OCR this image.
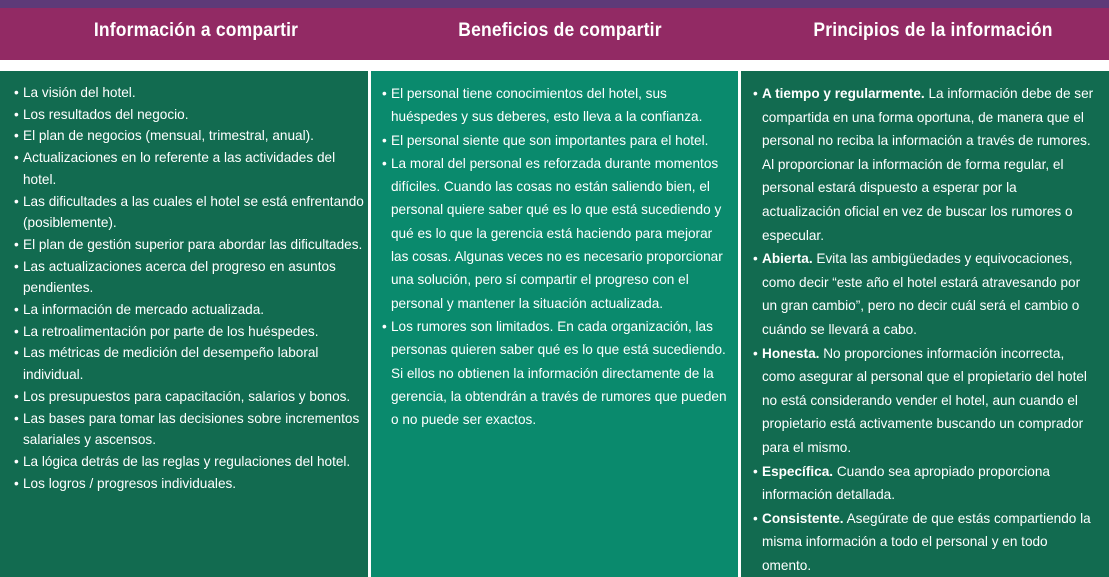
Información a compartir	Beneficios de compartir	Principios de la información
• La visión del hotel.
• Los resultados del negocio.
• El plan de negocios (mensual, trimestral, anual).
• Actualizaciones en lo referente a las actividades del hotel.
• Las dificultades a las cuales el hotel se está enfrentando (posiblemente).
• El plan de gestión superior para abordar las dificultades.
• Las actualizaciones acerca del progreso en asuntos pendientes.
• La información de mercado actualizada.
• La retroalimentación por parte de los huéspedes.
• Las métricas de medición del desempeño laboral individual.
• Los presupuestos para capacitación, salarios y bonos.
• Las bases para tomar las decisiones sobre incrementos salariales y ascensos.
• La lógica detrás de las reglas y regulaciones del hotel.
• Los logros / progresos individuales.
• El personal tiene conocimientos del hotel, sus huéspedes y sus deberes, esto lleva a la confianza.
• El personal siente que son importantes para el hotel.
• La moral del personal es reforzada durante momentos difíciles. Cuando las cosas no están saliendo bien, el personal quiere saber qué es lo que está sucediendo y qué es lo que la gerencia está haciendo para mejorar las cosas. Algunas veces no es necesario proporcionar una solución, pero sí compartir el progreso con el personal y mantener la situación actualizada.
• Los rumores son limitados. En cada organización, las personas quieren saber qué es lo que está sucediendo. Si ellos no obtienen la información directamente de la gerencia, la obtendrán a través de rumores que pueden o no puede ser exactos.
• A tiempo y regularmente. La información debe de ser compartida en una forma oportuna, de manera que el personal no reciba la información a través de rumores. Al proporcionar la información de forma regular, el personal estará dispuesto a esperar por la actualización oficial en vez de buscar los rumores o especular.
• Abierta. Evita las ambigüedades y equivocaciones, como decir “este año el hotel estará atravesando por un gran cambio”, pero no decir cuál será el cambio o cuándo se llevará a cabo.
• Honesta. No proporciones información incorrecta, como asegurar al personal que el propietario del hotel no está considerando vender el hotel, aun cuando el propietario está activamente buscando un comprador para el mismo.
• Específica. Cuando sea apropiado proporciona información detallada.
• Consistente. Asegúrate de que estás compartiendo la misma información a todo el personal y en todo omento.
